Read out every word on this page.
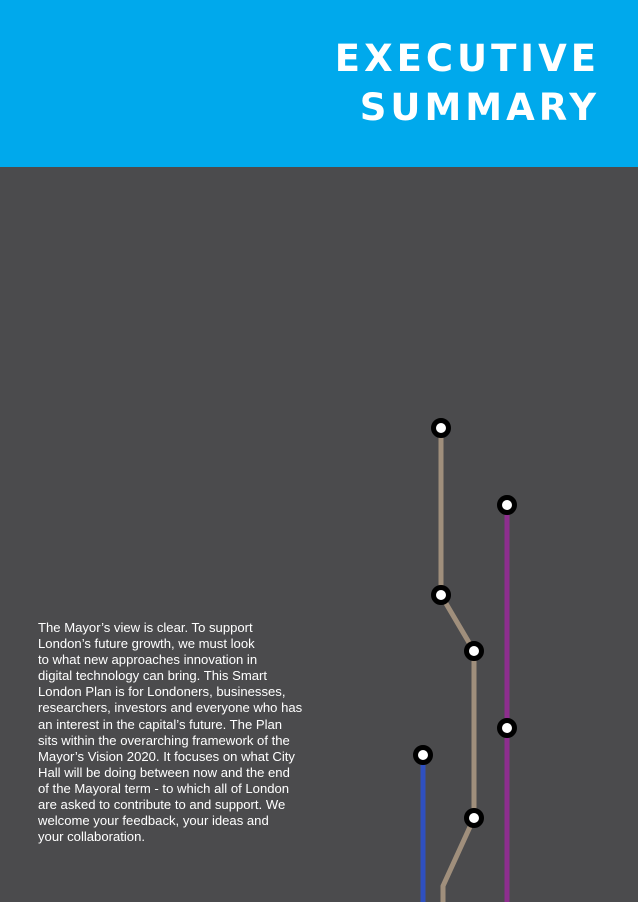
EXECUTIVE
SUMMARY

The Mayor’s view is clear. To support
London’s future growth, we must look
to what new approaches innovation in
digital technology can bring. This Smart
London Plan is for Londoners, businesses,
researchers, investors and everyone who has
an interest in the capital’s future. The Plan
sits within the overarching framework of the
Mayor’s Vision 2020. It focuses on what City
Hall will be doing between now and the end
of the Mayoral term - to which all of London
are asked to contribute to and support. We
welcome your feedback, your ideas and
your collaboration.
